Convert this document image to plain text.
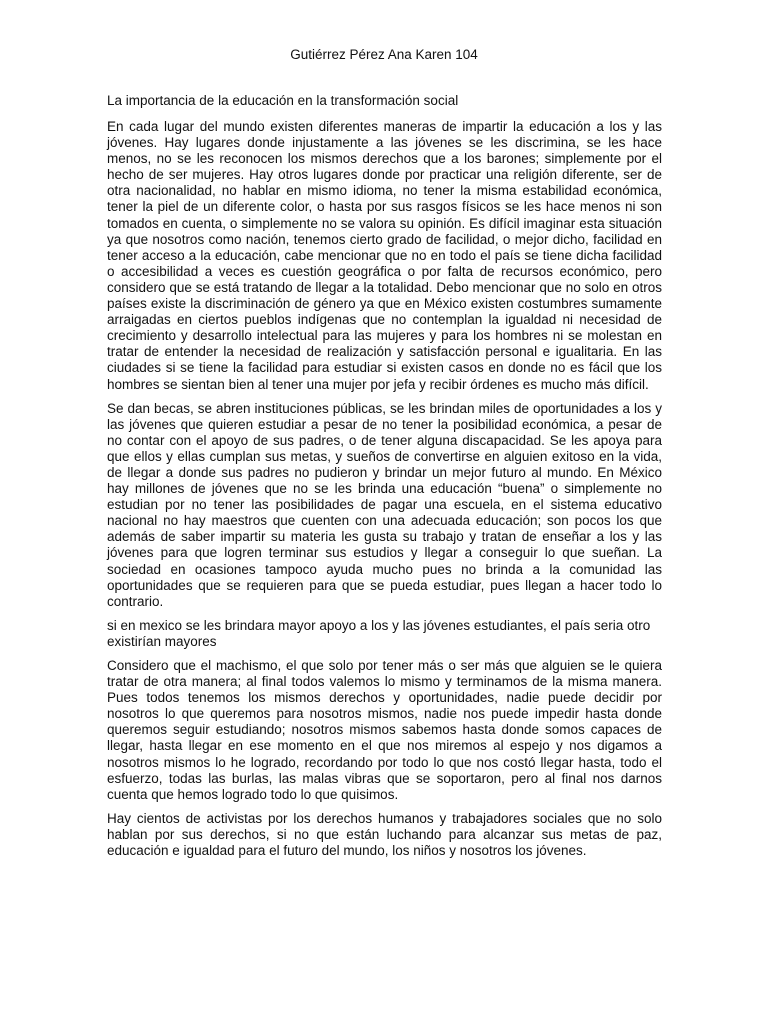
Gutiérrez Pérez Ana Karen 104

La importancia de la educación en la transformación social

En cada lugar del mundo existen diferentes maneras de impartir la educación a los y las jóvenes. Hay lugares donde injustamente a las jóvenes se les discrimina, se les hace menos, no se les reconocen los mismos derechos que a los barones; simplemente por el hecho de ser mujeres. Hay otros lugares donde por practicar una religión diferente, ser de otra nacionalidad, no hablar en mismo idioma, no tener la misma estabilidad económica, tener la piel de un diferente color, o hasta por sus rasgos físicos se les hace menos ni son tomados en cuenta, o simplemente no se valora su opinión. Es difícil imaginar esta situación ya que nosotros como nación, tenemos cierto grado de facilidad, o mejor dicho, facilidad en tener acceso a la educación, cabe mencionar que no en todo el país se tiene dicha facilidad o accesibilidad a veces es cuestión geográfica o por falta de recursos económico, pero considero que se está tratando de llegar a la totalidad. Debo mencionar que no solo en otros países existe la discriminación de género ya que en México existen costumbres sumamente arraigadas en ciertos pueblos indígenas que no contemplan la igualdad ni necesidad de crecimiento y desarrollo intelectual para las mujeres y para los hombres ni se molestan en tratar de entender la necesidad de realización y satisfacción personal e igualitaria. En las ciudades si se tiene la facilidad para estudiar si existen casos en donde no es fácil que los hombres se sientan bien al tener una mujer por jefa y recibir órdenes es mucho más difícil.

Se dan becas, se abren instituciones públicas, se les brindan miles de oportunidades a los y las jóvenes que quieren estudiar a pesar de no tener la posibilidad económica, a pesar de no contar con el apoyo de sus padres, o de tener alguna discapacidad. Se les apoya para que ellos y ellas cumplan sus metas, y sueños de convertirse en alguien exitoso en la vida, de llegar a donde sus padres no pudieron y brindar un mejor futuro al mundo. En México hay millones de jóvenes que no se les brinda una educación “buena” o simplemente no estudian por no tener las posibilidades de pagar una escuela, en el sistema educativo nacional no hay maestros que cuenten con una adecuada educación; son pocos los que además de saber impartir su materia les gusta su trabajo y tratan de enseñar a los y las jóvenes para que logren terminar sus estudios y llegar a conseguir lo que sueñan. La sociedad en ocasiones tampoco ayuda mucho pues no brinda a la comunidad las oportunidades que se requieren para que se pueda estudiar, pues llegan a hacer todo lo contrario.

si en mexico se les brindara mayor apoyo a los y las jóvenes estudiantes, el país seria otro existirían mayores

Considero que el machismo, el que solo por tener más o ser más que alguien se le quiera tratar de otra manera; al final todos valemos lo mismo y terminamos de la misma manera. Pues todos tenemos los mismos derechos y oportunidades, nadie puede decidir por nosotros lo que queremos para nosotros mismos, nadie nos puede impedir hasta donde queremos seguir estudiando; nosotros mismos sabemos hasta donde somos capaces de llegar, hasta llegar en ese momento en el que nos miremos al espejo y nos digamos a nosotros mismos lo he logrado, recordando por todo lo que nos costó llegar hasta, todo el esfuerzo, todas las burlas, las malas vibras que se soportaron, pero al final nos darnos cuenta que hemos logrado todo lo que quisimos.

Hay cientos de activistas por los derechos humanos y trabajadores sociales que no solo hablan por sus derechos, si no que están luchando para alcanzar sus metas de paz, educación e igualdad para el futuro del mundo, los niños y nosotros los jóvenes.
